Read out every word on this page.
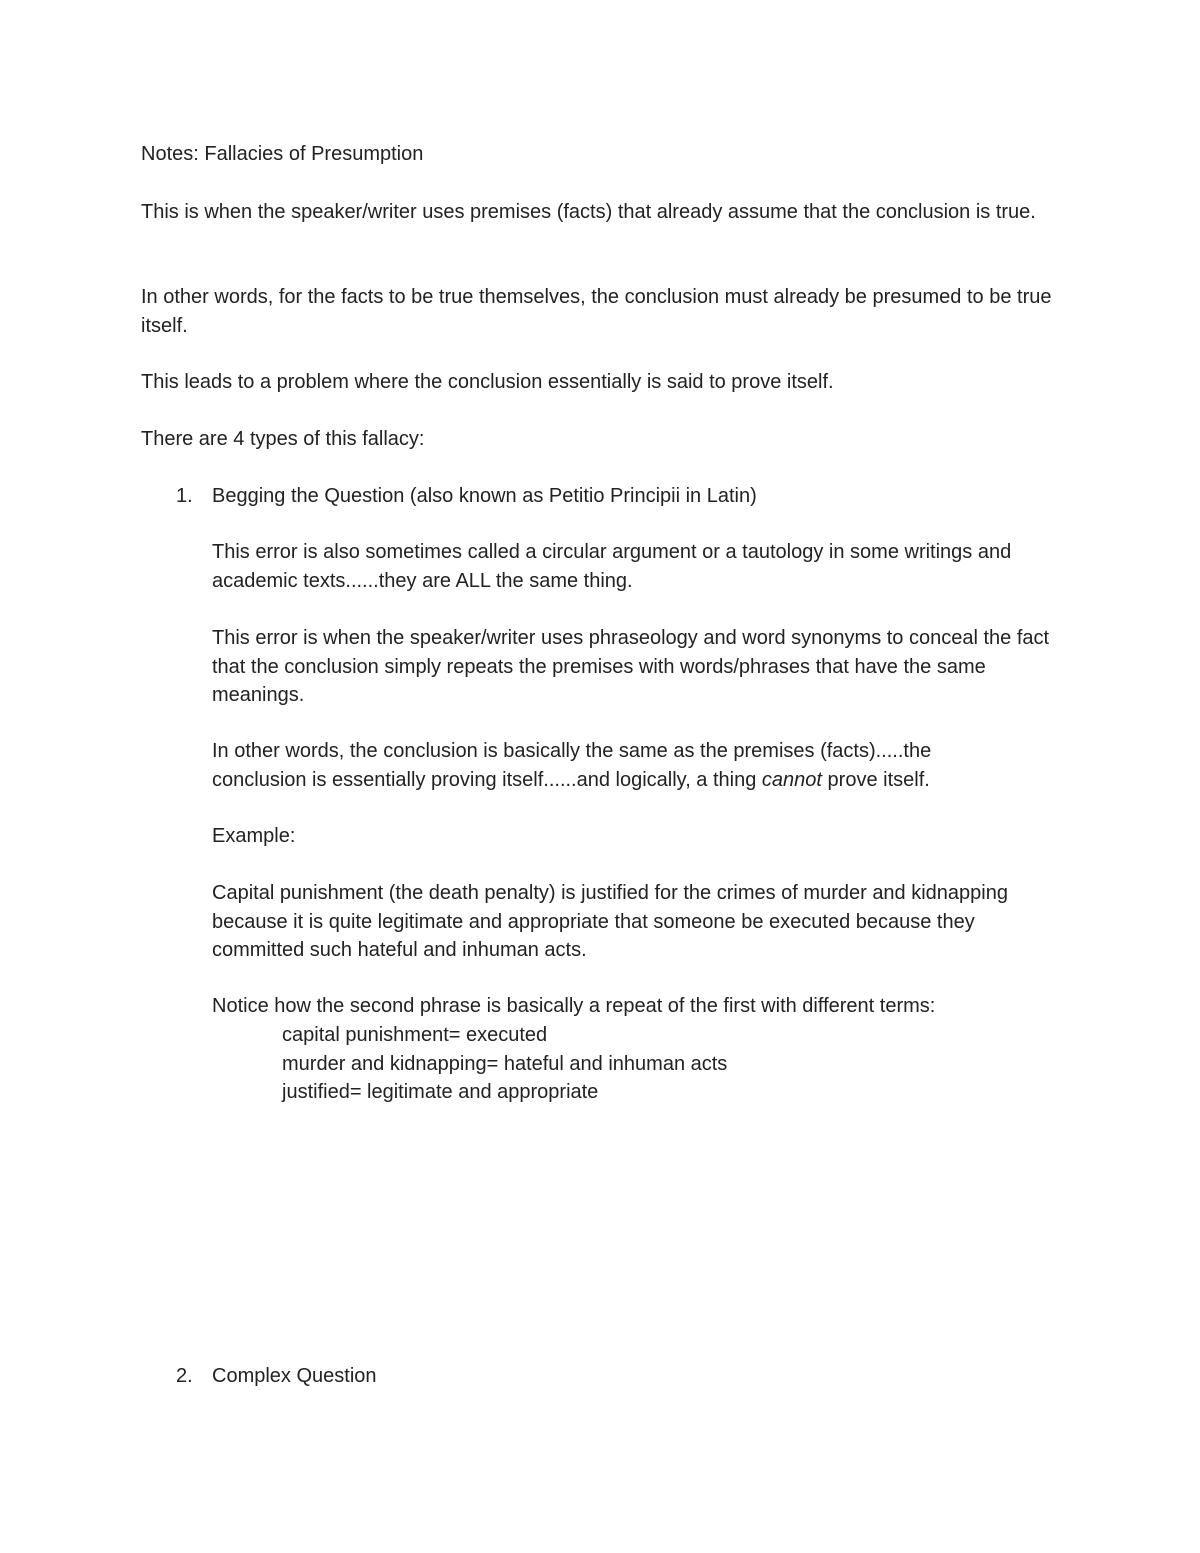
Notes: Fallacies of Presumption
This is when the speaker/writer uses premises (facts) that already assume that the conclusion is true.
In other words, for the facts to be true themselves, the conclusion must already be presumed to be true itself.
This leads to a problem where the conclusion essentially is said to prove itself.
There are 4 types of this fallacy:
1. Begging the Question (also known as Petitio Principii in Latin)
This error is also sometimes called a circular argument or a tautology in some writings and academic texts......they are ALL the same thing.
This error is when the speaker/writer uses phraseology and word synonyms to conceal the fact that the conclusion simply repeats the premises with words/phrases that have the same meanings.
In other words, the conclusion is basically the same as the premises (facts).....the conclusion is essentially proving itself......and logically, a thing cannot prove itself.
Example:
Capital punishment (the death penalty) is justified for the crimes of murder and kidnapping because it is quite legitimate and appropriate that someone be executed because they committed such hateful and inhuman acts.
Notice how the second phrase is basically a repeat of the first with different terms:
capital punishment= executed
murder and kidnapping= hateful and inhuman acts
justified= legitimate and appropriate
2. Complex Question
